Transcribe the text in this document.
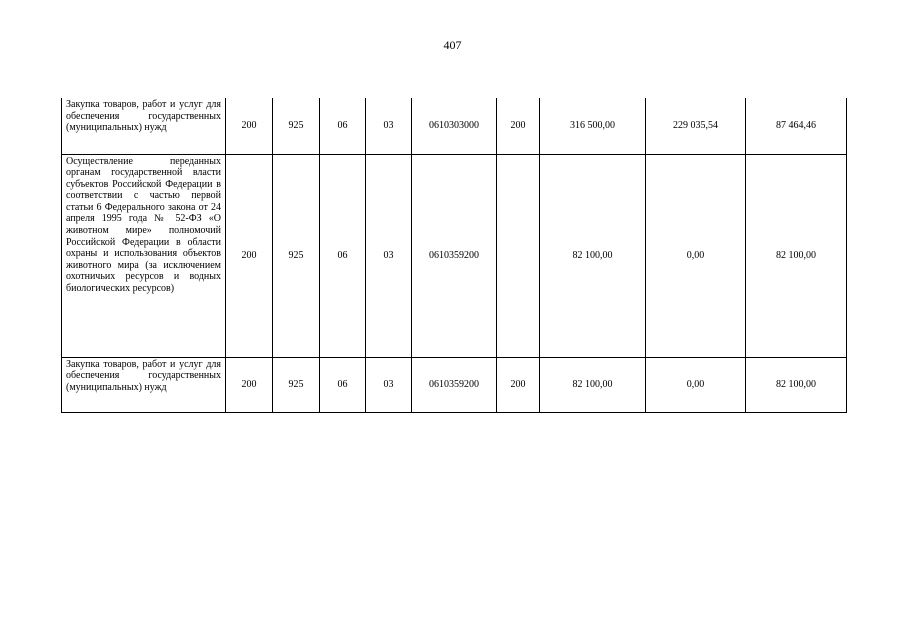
407
Закупка товаров, работ и услуг для обеспечения государственных (муниципальных) нужд	200	925	06	03	0610303000	200	316 500,00	229 035,54	87 464,46
Осуществление переданных органам государственной власти субъектов Российской Федерации в соответствии с частью первой статьи 6 Федерального закона от 24 апреля 1995 года № 52-ФЗ «О животном мире» полномочий Российской Федерации в области охраны и использования объектов животного мира (за исключением охотничьих ресурсов и водных биологических ресурсов)	200	925	06	03	0610359200		82 100,00	0,00	82 100,00
Закупка товаров, работ и услуг для обеспечения государственных (муниципальных) нужд	200	925	06	03	0610359200	200	82 100,00	0,00	82 100,00
